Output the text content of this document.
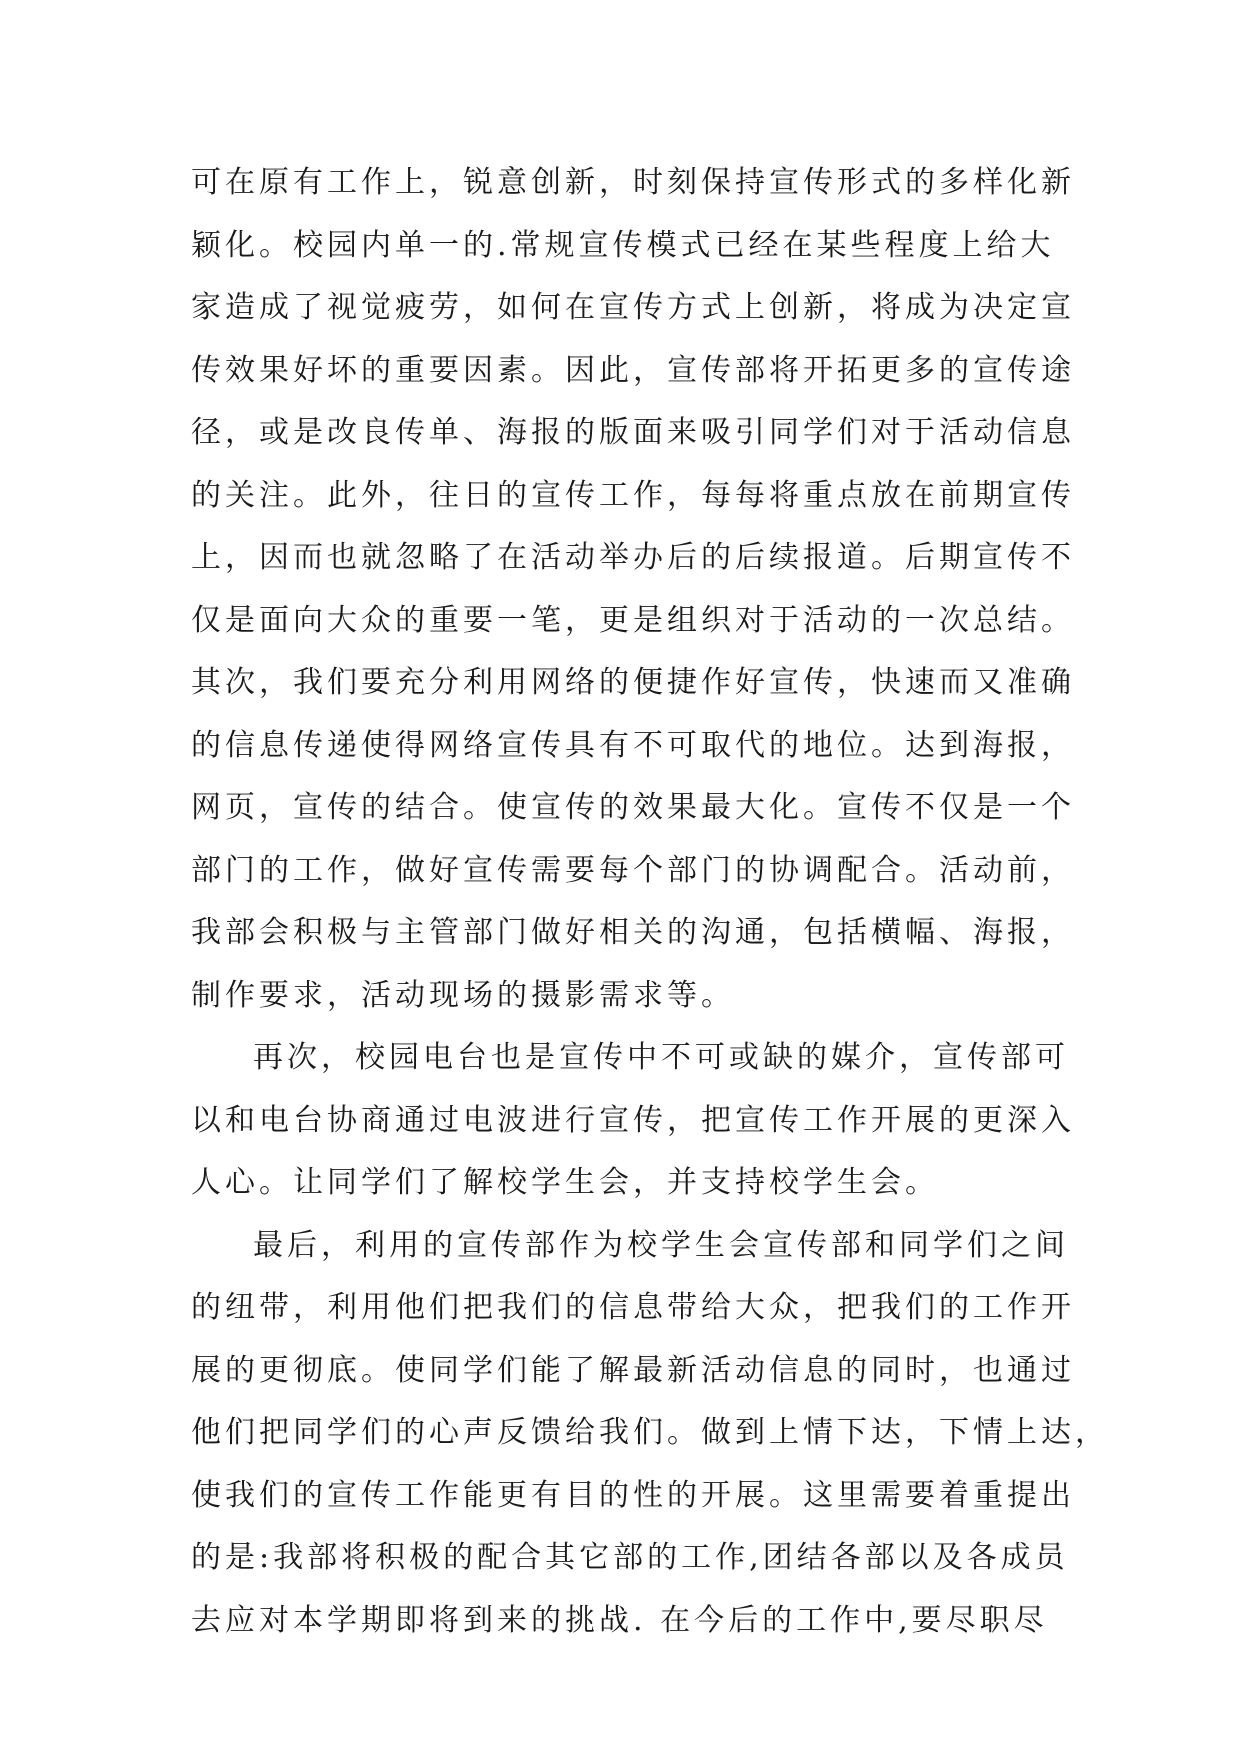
可在原有工作上，锐意创新，时刻保持宣传形式的多样化新
颖化。校园内单一的.常规宣传模式已经在某些程度上给大
家造成了视觉疲劳，如何在宣传方式上创新，将成为决定宣
传效果好坏的重要因素。因此，宣传部将开拓更多的宣传途
径，或是改良传单、海报的版面来吸引同学们对于活动信息
的关注。此外，往日的宣传工作，每每将重点放在前期宣传
上，因而也就忽略了在活动举办后的后续报道。后期宣传不
仅是面向大众的重要一笔，更是组织对于活动的一次总结。
其次，我们要充分利用网络的便捷作好宣传，快速而又准确
的信息传递使得网络宣传具有不可取代的地位。达到海报，
网页，宣传的结合。使宣传的效果最大化。宣传不仅是一个
部门的工作，做好宣传需要每个部门的协调配合。活动前，
我部会积极与主管部门做好相关的沟通，包括横幅、海报，
制作要求，活动现场的摄影需求等。
再次，校园电台也是宣传中不可或缺的媒介，宣传部可
以和电台协商通过电波进行宣传，把宣传工作开展的更深入
人心。让同学们了解校学生会，并支持校学生会。
最后，利用的宣传部作为校学生会宣传部和同学们之间
的纽带，利用他们把我们的信息带给大众，把我们的工作开
展的更彻底。使同学们能了解最新活动信息的同时，也通过
他们把同学们的心声反馈给我们。做到上情下达，下情上达，
使我们的宣传工作能更有目的性的开展。这里需要着重提出
的是:我部将积极的配合其它部的工作,团结各部以及各成员
去应对本学期即将到来的挑战. 在今后的工作中,要尽职尽
